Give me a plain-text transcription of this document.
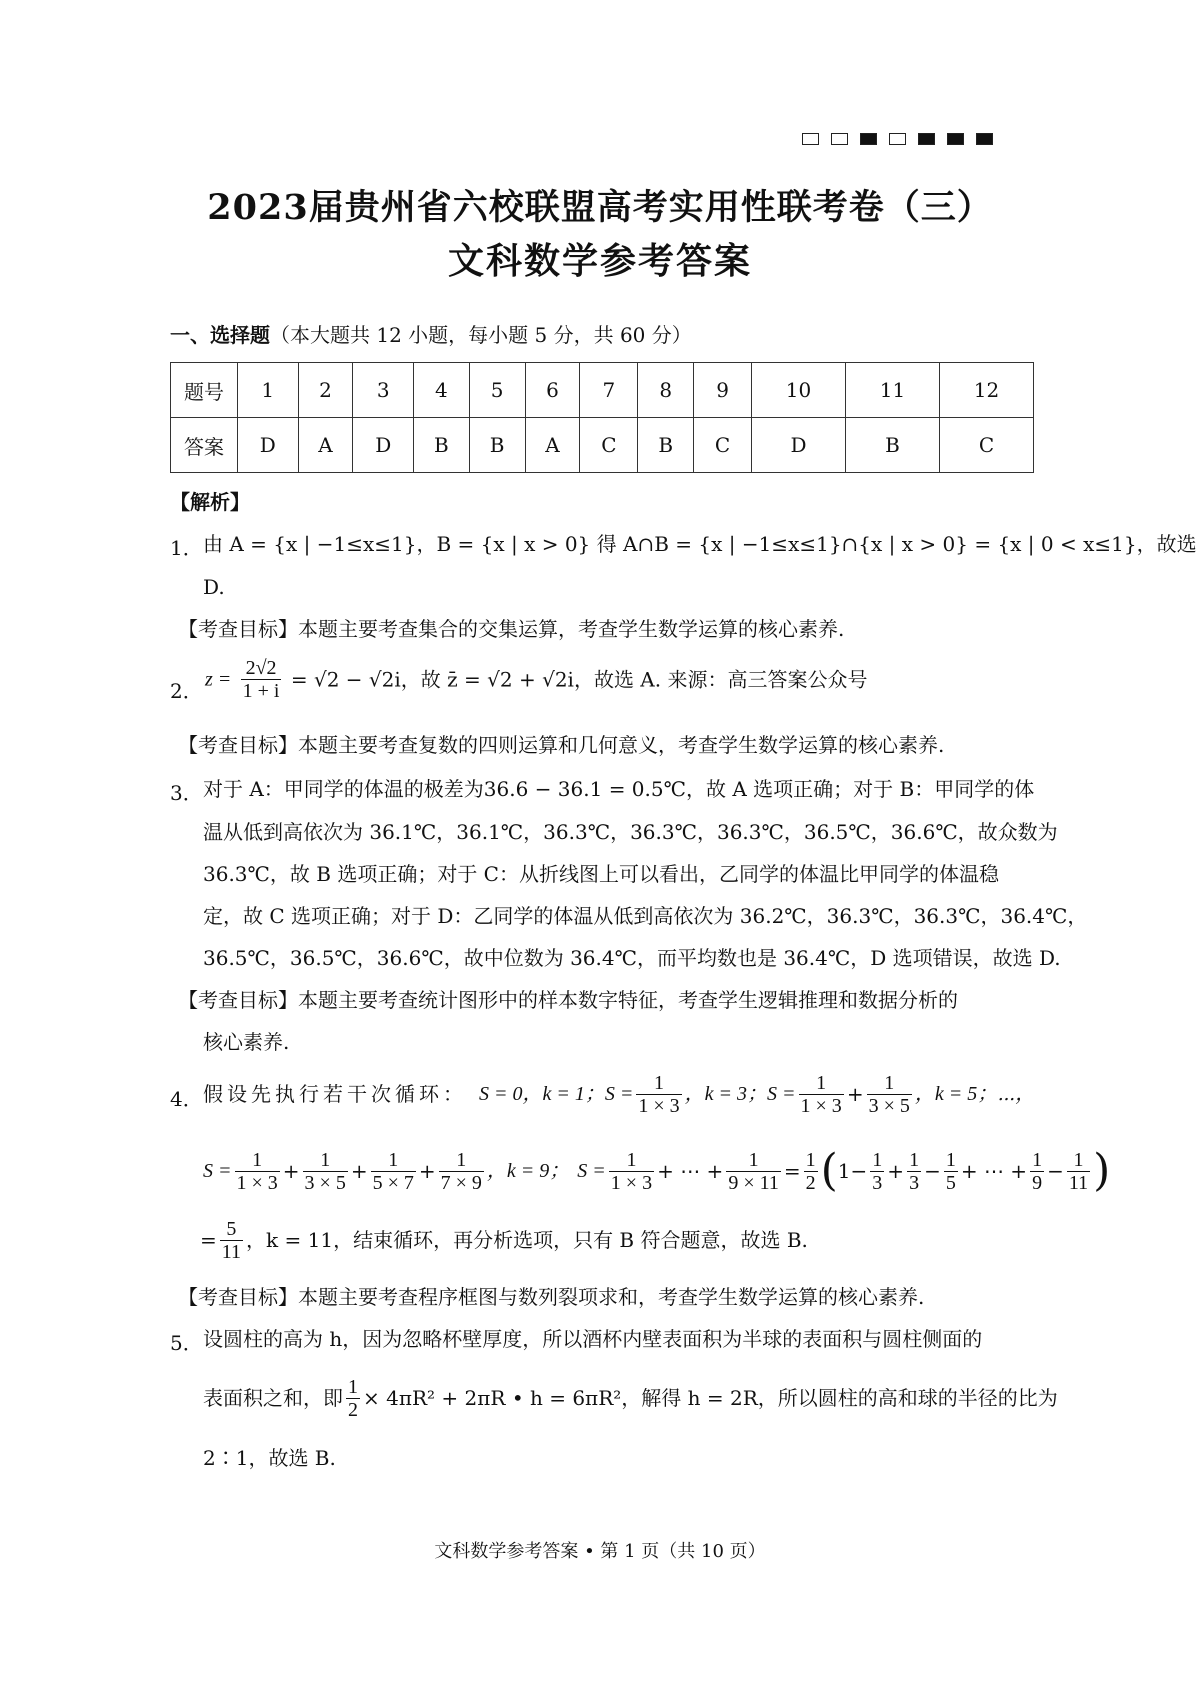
2023届贵州省六校联盟高考实用性联考卷（三）
文科数学参考答案
一、选择题（本大题共 12 小题，每小题 5 分，共 60 分）
题号	1	2	3	4	5	6	7	8	9	10	11	12
答案	D	A	D	B	B	A	C	B	C	D	B	C
【解析】
1． 由 A = {x | −1≤x≤1}，B = {x | x > 0} 得 A∩B = {x | −1≤x≤1}∩{x | x > 0} = {x | 0 < x≤1}，故选
D.
【考查目标】本题主要考查集合的交集运算，考查学生数学运算的核心素养.
2． $z = \frac{2√2}{1 + i} = √2 - √2i$，故 z̄ = √2 + √2i，故选 A. 来源：高三答案公众号
【考查目标】本题主要考查复数的四则运算和几何意义，考查学生数学运算的核心素养.
3． 对于 A：甲同学的体温的极差为36.6 − 36.1 = 0.5℃，故 A 选项正确；对于 B：甲同学的体
温从低到高依次为 36.1℃，36.1℃，36.3℃，36.3℃，36.3℃，36.5℃，36.6℃，故众数为
36.3℃，故 B 选项正确；对于 C：从折线图上可以看出，乙同学的体温比甲同学的体温稳
定，故 C 选项正确；对于 D：乙同学的体温从低到高依次为 36.2℃，36.3℃，36.3℃，36.4℃，
36.5℃，36.5℃，36.6℃，故中位数为 36.4℃，而平均数也是 36.4℃，D 选项错误，故选 D.
【考查目标】本题主要考查统计图形中的样本数字特征，考查学生逻辑推理和数据分析的
核心素养.
4． 假设先执行若干次循环： S = 0，k = 1； $S = \frac{1}{1 \times 3}$ ，k = 3； $S = \frac{1}{1 \times 3} + \frac{1}{3 \times 5}$ ，k = 5；⋯，
$S = \frac{1}{1 \times 3} + \frac{1}{3 \times 5} + \frac{1}{5 \times 7} + \frac{1}{7 \times 9}$ ，k = 9； $S = \frac{1}{1 \times 3}$ + ⋯ + $\frac{1}{9 \times 11} = \frac{1}{2}$ ( $1 - \frac{1}{3} + \frac{1}{3} - \frac{1}{5}$ + ⋯ + $\frac{1}{9} - \frac{1}{11}$ )
= $\frac{5}{11}$ ，k = 11，结束循环，再分析选项，只有 B 符合题意，故选 B.
【考查目标】本题主要考查程序框图与数列裂项求和，考查学生数学运算的核心素养.
5． 设圆柱的高为 h，因为忽略杯壁厚度，所以酒杯内壁表面积为半球的表面积与圆柱侧面的
表面积之和，即 $\frac{1}{2} \times 4\pi R^2 + 2\pi R$ • h = 6πR²，解得 h = 2R，所以圆柱的高和球的半径的比为
2∶1，故选 B.
文科数学参考答案 • 第 1 页（共 10 页）
